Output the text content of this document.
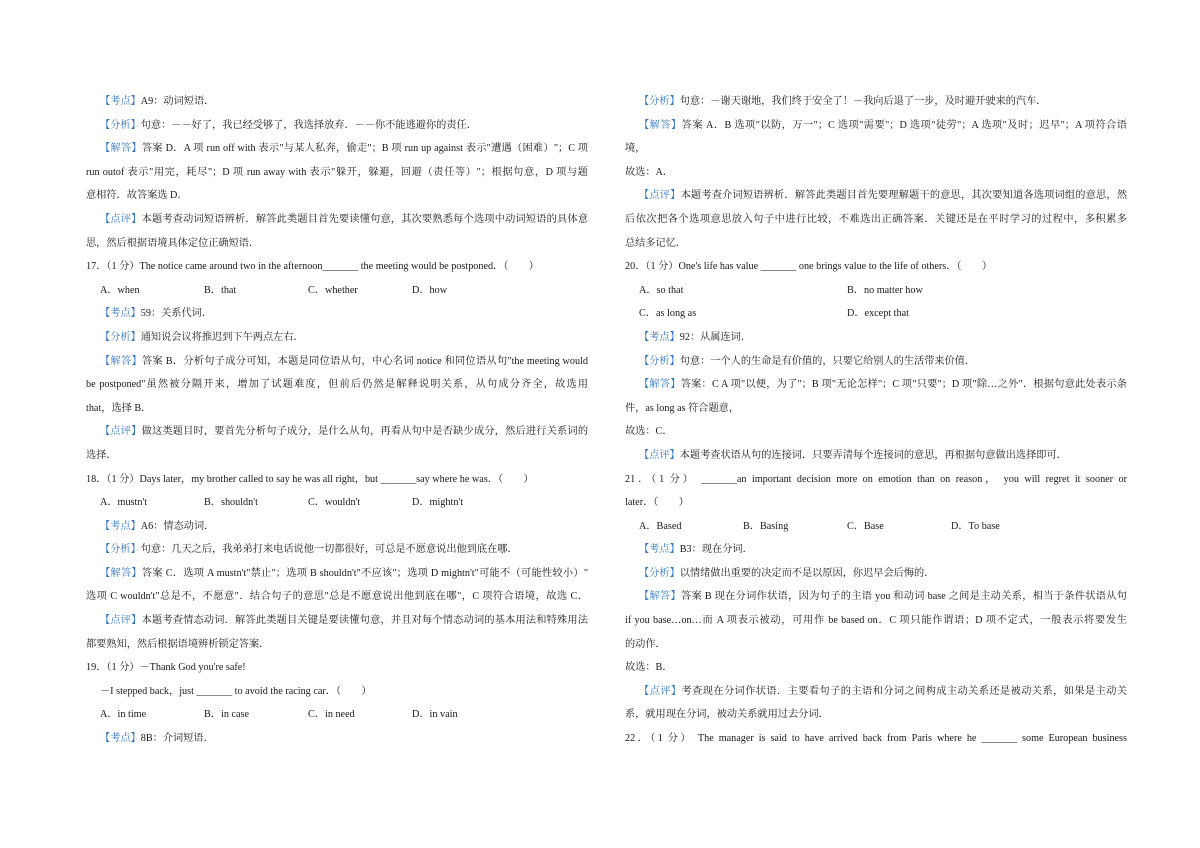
【考点】A9：动词短语．
【分析】句意：－－好了，我已经受够了，我选择放弃．－－你不能逃避你的责任．
【解答】答案 D．A 项 run off with 表示"与某人私奔，偷走"；B 项 run up against 表示"遭遇（困难）"；C 项
run outof 表示"用完，耗尽"；D 项 run away with 表示"躲开，躲避，回避（责任等）"；根据句意，D 项与题
意相符．故答案选 D．
【点评】本题考查动词短语辨析．解答此类题目首先要读懂句意，其次要熟悉每个选项中动词短语的具体意
思，然后根据语境具体定位正确短语．
17．（1 分）The notice came around two in the afternoon_______ the meeting would be postponed．（　　）
A．when	B．that	C．whether	D．how
【考点】59：关系代词．
【分析】通知说会议将推迟到下午两点左右．
【解答】答案 B．分析句子成分可知，本题是同位语从句，中心名词 notice 和同位语从句"the meeting would
be postponed"虽然被分隔开来，增加了试题难度，但前后仍然是解释说明关系，从句成分齐全，故选用
that，选择 B．
【点评】做这类题目时，要首先分析句子成分，是什么从句，再看从句中是否缺少成分，然后进行关系词的
选择．
18．（1 分）Days later，my brother called to say he was all right，but _______say where he was．（　　）
A．mustn't	B．shouldn't	C．wouldn't	D．mightn't
【考点】A6：情态动词．
【分析】句意：几天之后，我弟弟打来电话说他一切都很好，可总是不愿意说出他到底在哪．
【解答】答案 C．选项 A mustn't"禁止"；选项 B shouldn't"不应该"；选项 D mightn't"可能不（可能性较小）"
选项 C wouldn't"总是不，不愿意"．结合句子的意思"总是不愿意说出他到底在哪"，C 项符合语境，故选 C．
【点评】本题考查情态动词．解答此类题目关键是要读懂句意，并且对每个情态动词的基本用法和特殊用法
都要熟知，然后根据语境辨析锁定答案．
19．（1 分）－Thank God you're safe!
－I stepped back，just _______ to avoid the racing car．（　　）
A．in time	B．in case	C．in need	D．in vain
【考点】8B：介词短语．
【分析】句意：－谢天谢地，我们终于安全了！－我向后退了一步，及时避开驶来的汽车．
【解答】答案 A．B 选项"以防，万一"；C 选项"需要"；D 选项"徒劳"；A 选项"及时；迟早"；A 项符合语
境，
故选：A．
【点评】本题考查介词短语辨析．解答此类题目首先要理解题干的意思，其次要知道各选项词组的意思，然
后依次把各个选项意思放入句子中进行比较，不难选出正确答案．关键还是在平时学习的过程中，多积累多
总结多记忆．
20．（1 分）One's life has value _______ one brings value to the life of others．（　　）
A．so that	B．no matter how
C．as long as	D．except that
【考点】92：从属连词．
【分析】句意：一个人的生命是有价值的，只要它给别人的生活带来价值．
【解答】答案：C A 项"以便，为了"；B 项"无论怎样"；C 项"只要"；D 项"除…之外"．根据句意此处表示条
件，as long as 符合题意，
故选：C．
【点评】本题考查状语从句的连接词．只要弄清每个连接词的意思，再根据句意做出选择即可．
21．（1 分） _______an important decision more on emotion than on reason， you will regret it sooner or
later．（　　）
A．Based	B．Basing	C．Base	D．To base
【考点】B3：现在分词．
【分析】以情绪做出重要的决定而不是以原因，你迟早会后悔的．
【解答】答案 B 现在分词作状语，因为句子的主语 you 和动词 base 之间是主动关系，相当于条件状语从句
if you base…on…而 A 项表示被动，可用作 be based on．C 项只能作谓语；D 项不定式，一般表示将要发生
的动作．
故选：B．
【点评】考查现在分词作状语．主要看句子的主语和分词之间构成主动关系还是被动关系，如果是主动关
系，就用现在分词，被动关系就用过去分词．
22．（1 分） The manager is said to have arrived back from Paris where he _______ some European business
